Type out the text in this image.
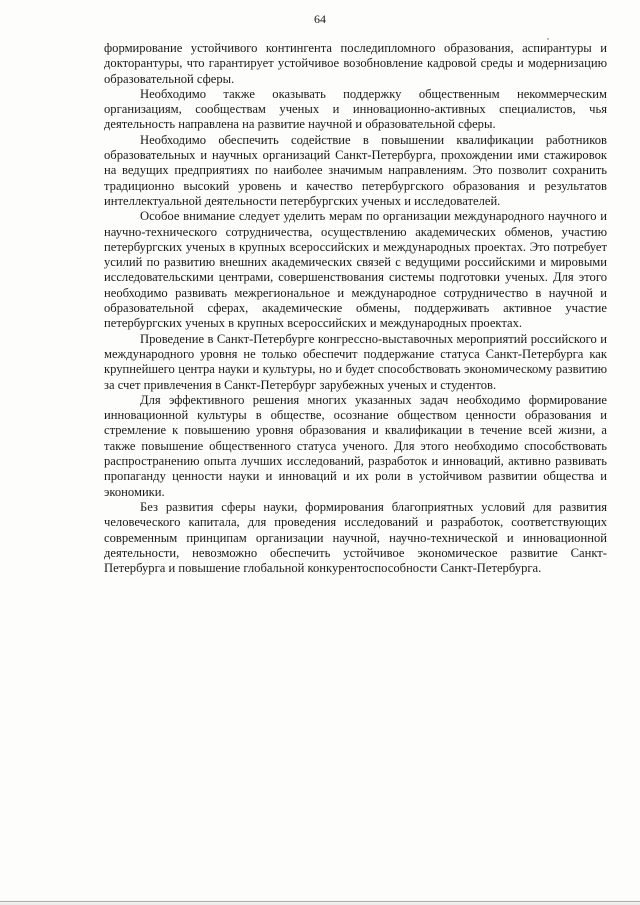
64

формирование устойчивого контингента последипломного образования, аспирантуры и докторантуры, что гарантирует устойчивое возобновление кадровой среды и модернизацию образовательной сферы.

Необходимо также оказывать поддержку общественным некоммерческим организациям, сообществам ученых и инновационно-активных специалистов, чья деятельность направлена на развитие научной и образовательной сферы.

Необходимо обеспечить содействие в повышении квалификации работников образовательных и научных организаций Санкт-Петербурга, прохождении ими стажировок на ведущих предприятиях по наиболее значимым направлениям. Это позволит сохранить традиционно высокий уровень и качество петербургского образования и результатов интеллектуальной деятельности петербургских ученых и исследователей.

Особое внимание следует уделить мерам по организации международного научного и научно-технического сотрудничества, осуществлению академических обменов, участию петербургских ученых в крупных всероссийских и международных проектах. Это потребует усилий по развитию внешних академических связей с ведущими российскими и мировыми исследовательскими центрами, совершенствования системы подготовки ученых. Для этого необходимо развивать межрегиональное и международное сотрудничество в научной и образовательной сферах, академические обмены, поддерживать активное участие петербургских ученых в крупных всероссийских и международных проектах.

Проведение в Санкт-Петербурге конгрессно-выставочных мероприятий российского и международного уровня не только обеспечит поддержание статуса Санкт-Петербурга как крупнейшего центра науки и культуры, но и будет способствовать экономическому развитию за счет привлечения в Санкт-Петербург зарубежных ученых и студентов.

Для эффективного решения многих указанных задач необходимо формирование инновационной культуры в обществе, осознание обществом ценности образования и стремление к повышению уровня образования и квалификации в течение всей жизни, а также повышение общественного статуса ученого. Для этого необходимо способствовать распространению опыта лучших исследований, разработок и инноваций, активно развивать пропаганду ценности науки и инноваций и их роли в устойчивом развитии общества и экономики.

Без развития сферы науки, формирования благоприятных условий для развития человеческого капитала, для проведения исследований и разработок, соответствующих современным принципам организации научной, научно-технической и инновационной деятельности, невозможно обеспечить устойчивое экономическое развитие Санкт-Петербурга и повышение глобальной конкурентоспособности Санкт-Петербурга.
